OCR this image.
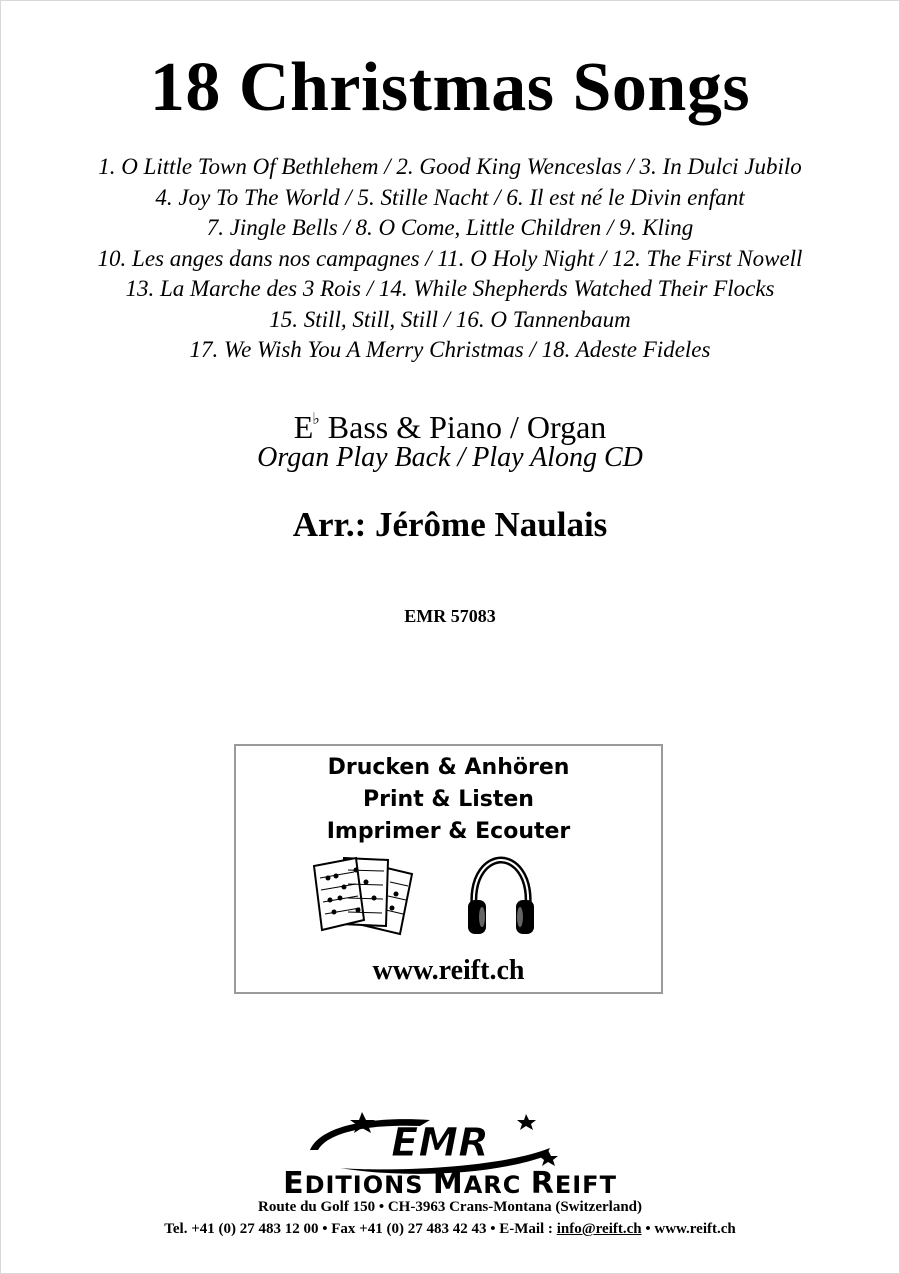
18 Christmas Songs
1. O Little Town Of Bethlehem / 2. Good King Wenceslas / 3. In Dulci Jubilo
4. Joy To The World / 5. Stille Nacht / 6. Il est né le Divin enfant
7. Jingle Bells / 8. O Come, Little Children / 9. Kling
10. Les anges dans nos campagnes / 11. O Holy Night / 12. The First Nowell
13. La Marche des 3 Rois / 14. While Shepherds Watched Their Flocks
15. Still, Still, Still / 16. O Tannenbaum
17. We Wish You A Merry Christmas / 18. Adeste Fideles
E♭ Bass & Piano / Organ
Organ Play Back / Play Along CD
Arr.: Jérôme Naulais
EMR 57083
Drucken & Anhören
Print & Listen
Imprimer & Ecouter
www.reift.ch
EMR
EDITIONS MARC REIFT
Route du Golf 150 • CH-3963 Crans-Montana (Switzerland)
Tel. +41 (0) 27 483 12 00 • Fax +41 (0) 27 483 42 43 • E-Mail : info@reift.ch • www.reift.ch
